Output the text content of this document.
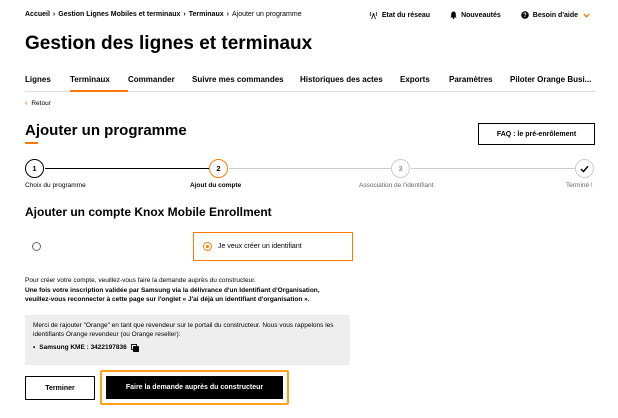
Accueil › Gestion Lignes Mobiles et terminaux › Terminaux › Ajouter un programme	Etat du réseau	Nouveautés	? Besoin d'aide
Gestion des lignes et terminaux
Lignes	Terminaux	Commander	Suivre mes commandes	Historiques des actes	Exports	Paramètres	Piloter Orange Busi...
‹ Retour
Ajouter un programme	FAQ : le pré-enrôlement
1	2	3
Choix du programme	Ajout du compte	Association de l'identifiant	Terminé !
Ajouter un compte Knox Mobile Enrollment
Je veux créer un identifiant
Pour créer votre compte, veuillez-vous faire la demande auprès du constructeur.
Une fois votre inscription validée par Samsung via la délivrance d'un Identifiant d'Organisation,
veuillez-vous reconnecter à cette page sur l'onglet « J'ai déjà un identifiant d'organisation ».
Merci de rajouter "Orange" en tant que revendeur sur le portail du constructeur. Nous vous rappelons les identifiants Orange revendeur (ou Orange reseller):
• Samsung KME : 3422197836
Terminer	Faire la demande auprès du constructeur
